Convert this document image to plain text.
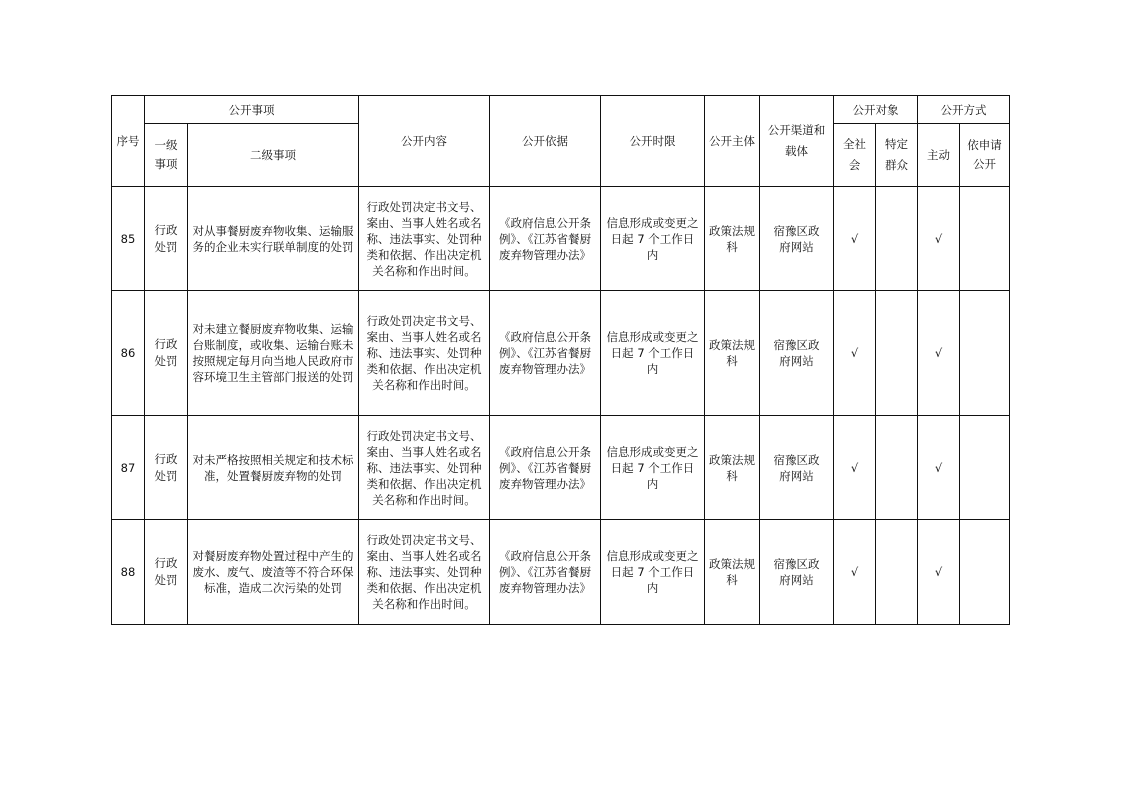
序号	公开事项		公开内容	公开依据	公开时限	公开主体	公开渠道和载体	公开对象		公开方式	
	一级事项	二级事项						全社会	特定群众	主动	依申请公开
85	行政处罚	对从事餐厨废弃物收集、运输服务的企业未实行联单制度的处罚	行政处罚决定书文号、案由、当事人姓名或名称、违法事实、处罚种类和依据、作出决定机关名称和作出时间。	《政府信息公开条例》、《江苏省餐厨废弃物管理办法》	信息形成或变更之日起 7 个工作日内	政策法规科	宿豫区政府网站	√		√	
86	行政处罚	对未建立餐厨废弃物收集、运输台账制度，或收集、运输台账未按照规定每月向当地人民政府市容环境卫生主管部门报送的处罚	行政处罚决定书文号、案由、当事人姓名或名称、违法事实、处罚种类和依据、作出决定机关名称和作出时间。	《政府信息公开条例》、《江苏省餐厨废弃物管理办法》	信息形成或变更之日起 7 个工作日内	政策法规科	宿豫区政府网站	√		√	
87	行政处罚	对未严格按照相关规定和技术标准，处置餐厨废弃物的处罚	行政处罚决定书文号、案由、当事人姓名或名称、违法事实、处罚种类和依据、作出决定机关名称和作出时间。	《政府信息公开条例》、《江苏省餐厨废弃物管理办法》	信息形成或变更之日起 7 个工作日内	政策法规科	宿豫区政府网站	√		√	
88	行政处罚	对餐厨废弃物处置过程中产生的废水、废气、废渣等不符合环保标准，造成二次污染的处罚	行政处罚决定书文号、案由、当事人姓名或名称、违法事实、处罚种类和依据、作出决定机关名称和作出时间。	《政府信息公开条例》、《江苏省餐厨废弃物管理办法》	信息形成或变更之日起 7 个工作日内	政策法规科	宿豫区政府网站	√		√	
